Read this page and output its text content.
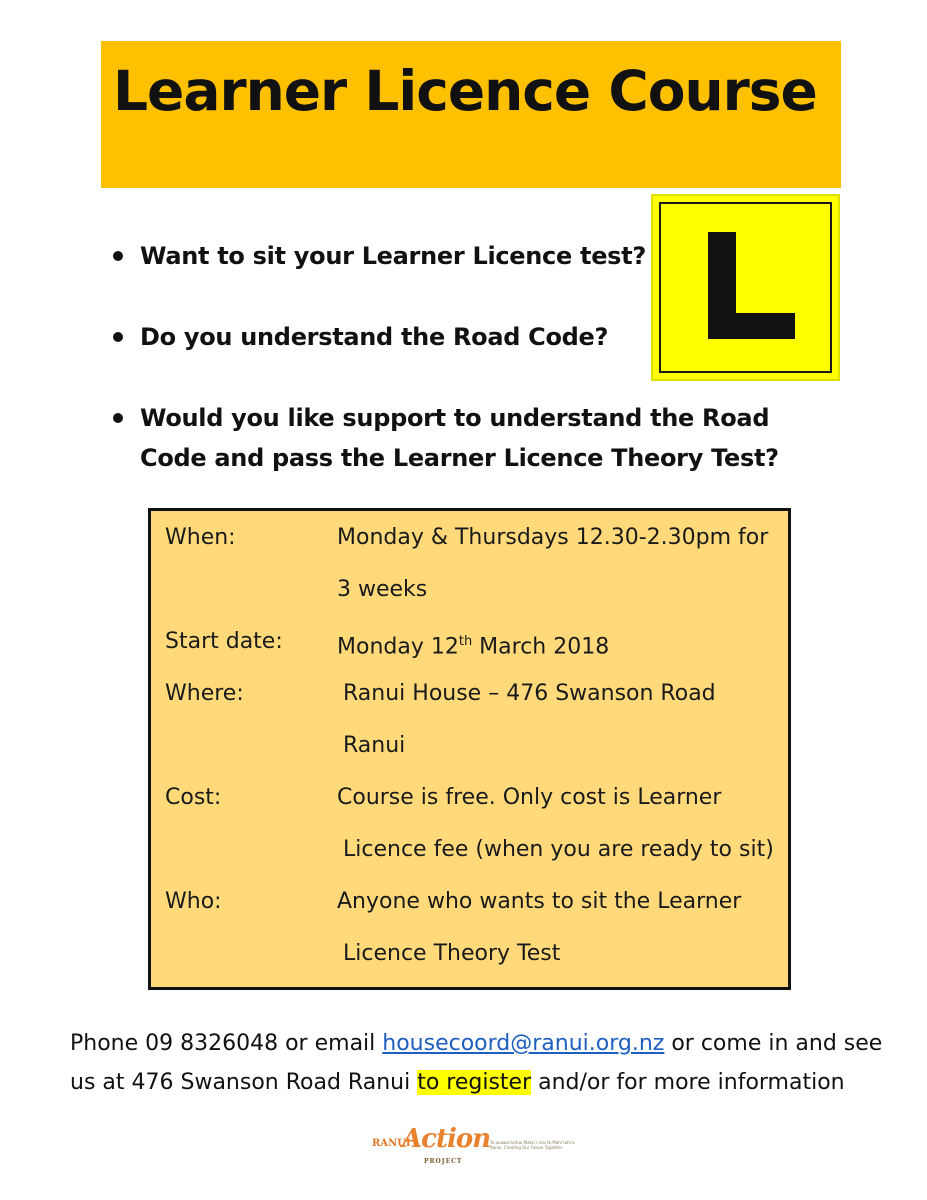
Learner Licence Course
Want to sit your Learner Licence test?
Do you understand the Road Code?
Would you like support to understand the Road Code and pass the Learner Licence Theory Test?
When:	Monday & Thursdays 12.30-2.30pm for
3 weeks
Start date: Monday 12th March 2018
Where:	Ranui House – 476 Swanson Road
Ranui
Cost:	Course is free. Only cost is Learner
Licence fee (when you are ready to sit)
Who:	Anyone who wants to sit the Learner
Licence Theory Test
Phone 09 8326048 or email housecoord@ranui.org.nz or come in and see us at 476 Swanson Road Ranui to register and/or for more information
RANUI
Action
PROJECT
Te puawai kotuu Matai i mai te Mahi tahi a Ranui. Creating Our Future Together
